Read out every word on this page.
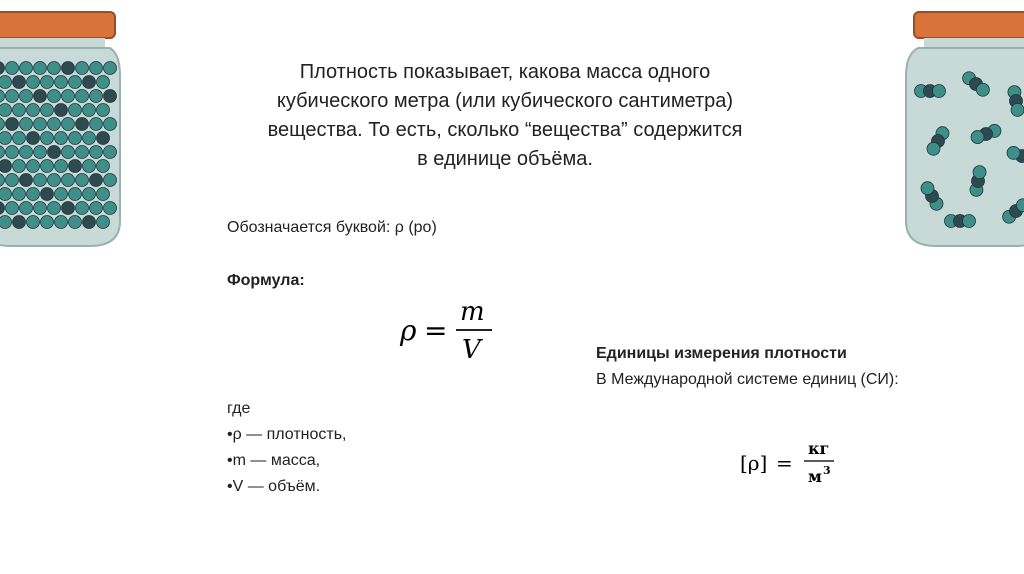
Плотность показывает, какова масса одного
кубического метра (или кубического сантиметра)
вещества. То есть, сколько “вещества” содержится
в единице объёма.
Обозначается буквой: ρ (ро)
Формула:
ρ =
m
V
где
•ρ — плотность,
•m — масса,
•V — объём.
Единицы измерения плотности
В Международной системе единиц (СИ):
[ρ] =
кг
м 3
